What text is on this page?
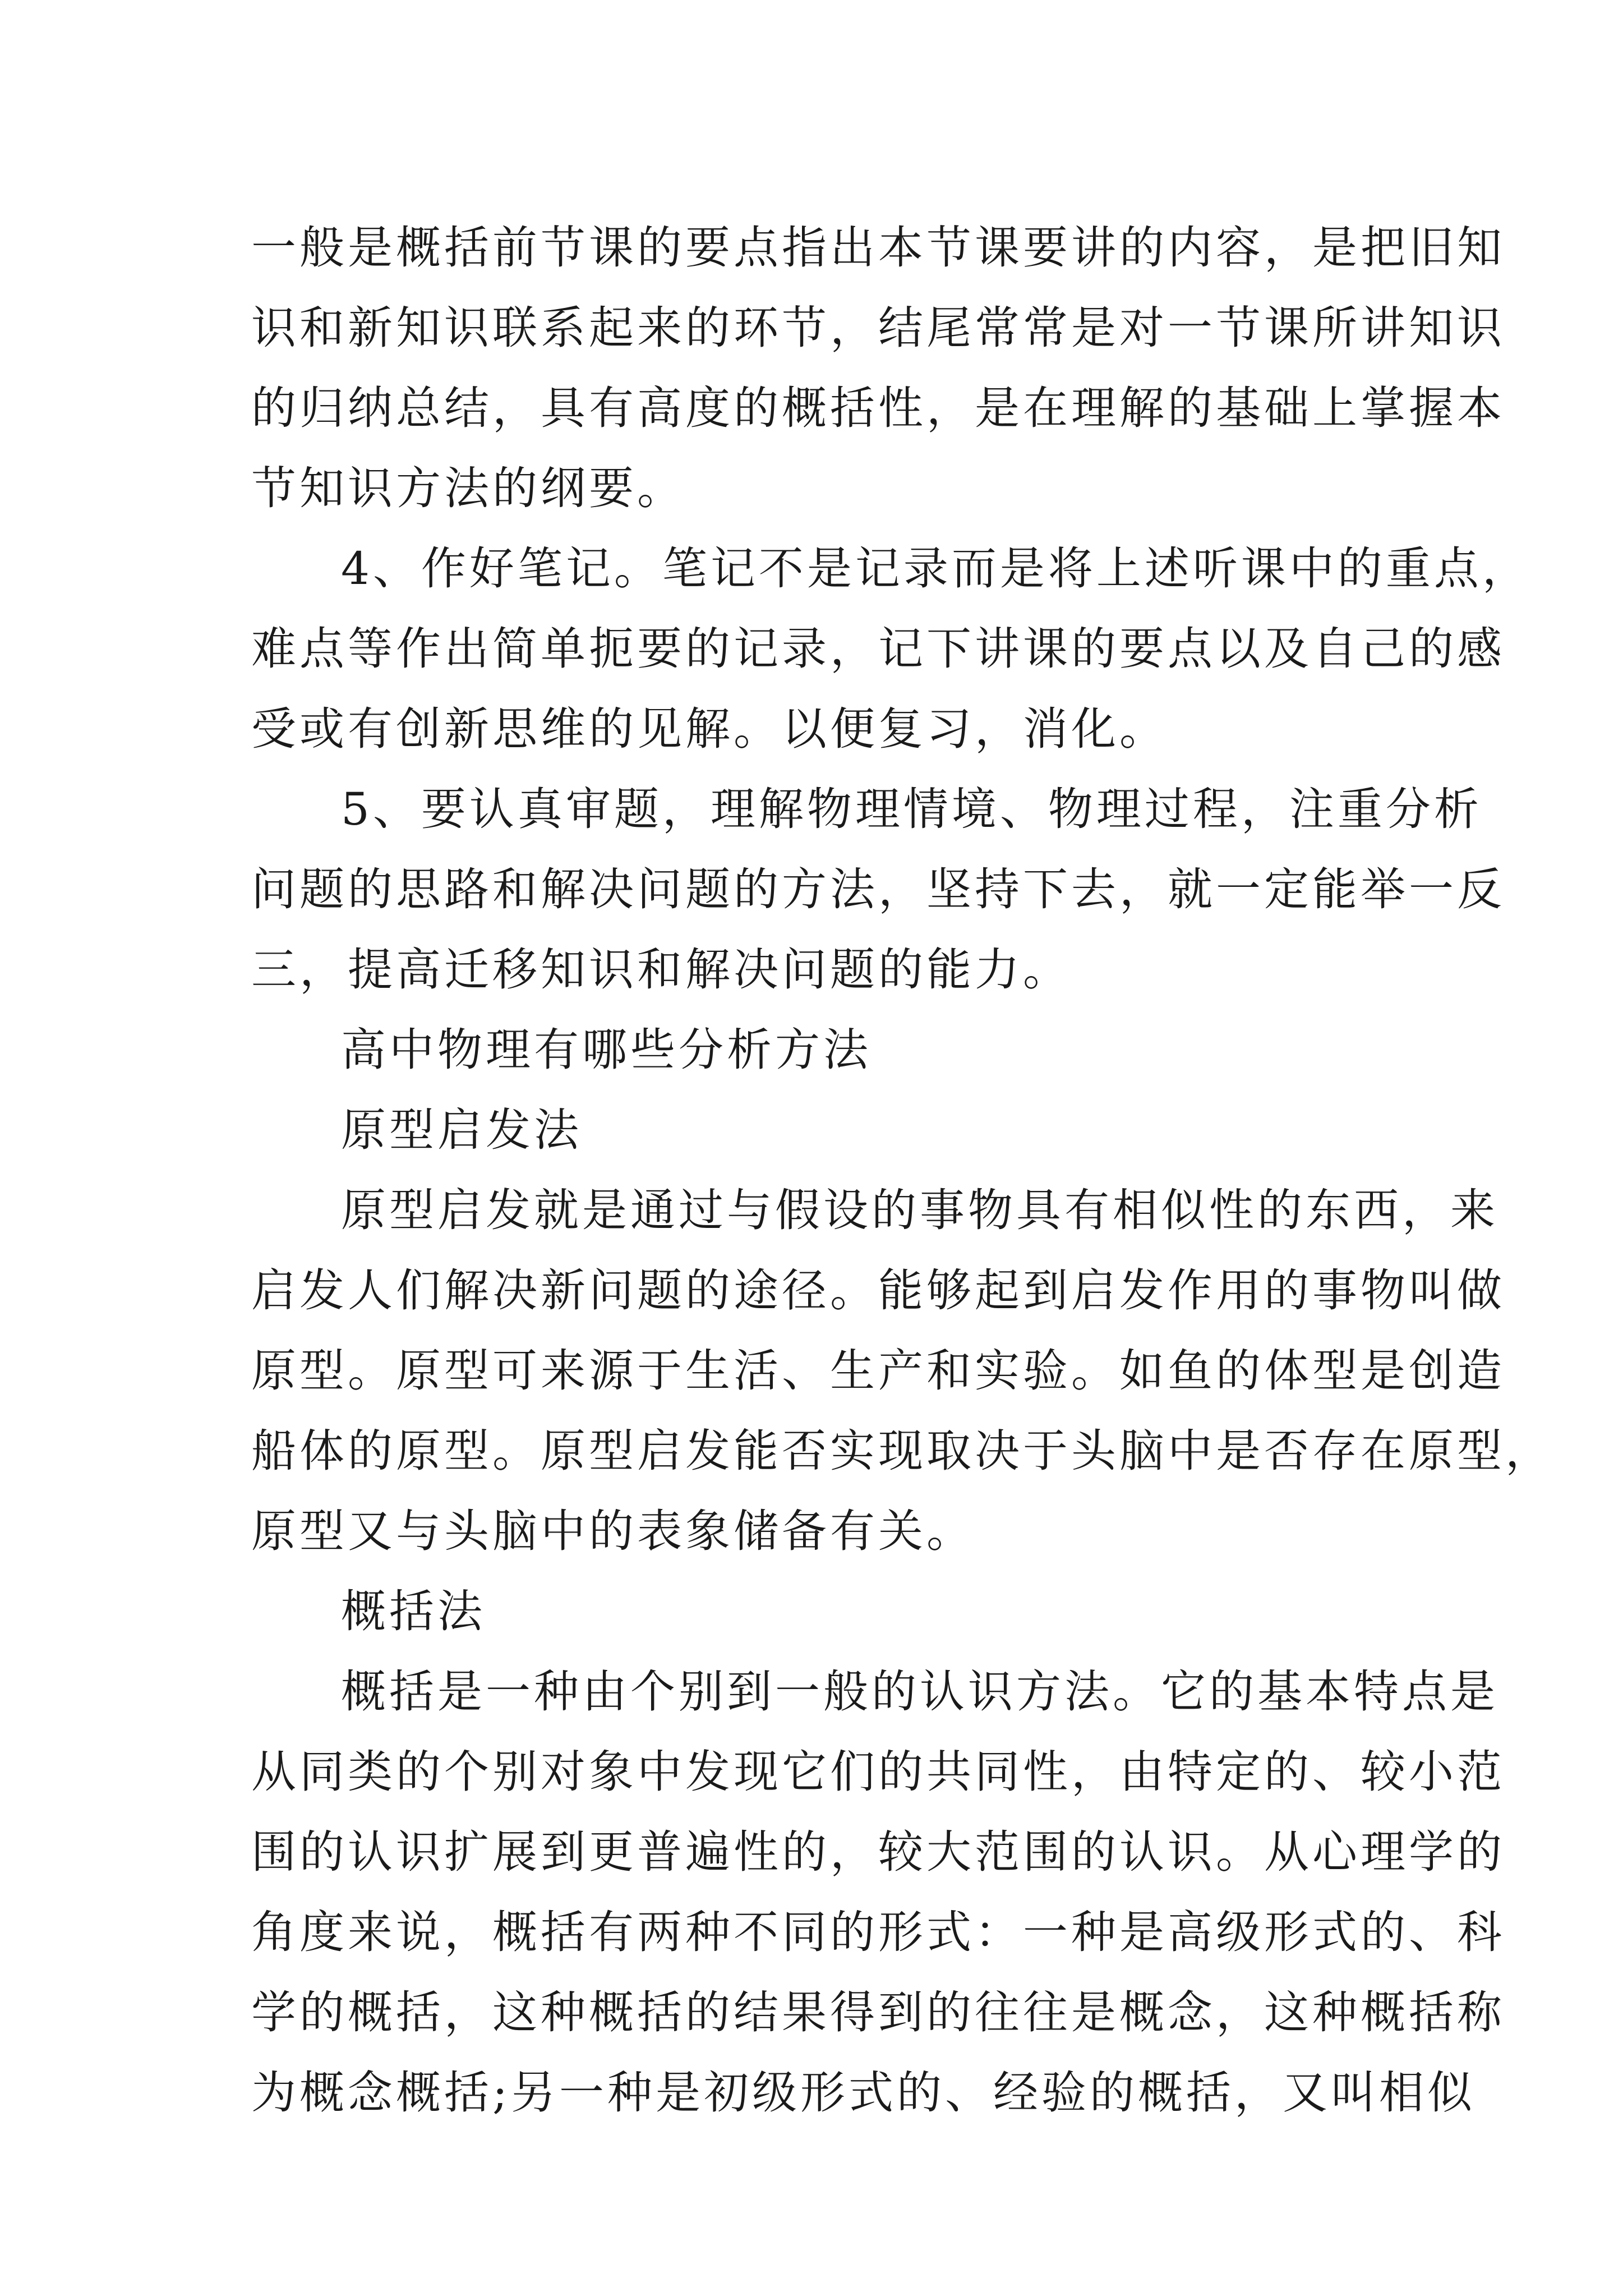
一般是概括前节课的要点指出本节课要讲的内容，是把旧知
识和新知识联系起来的环节，结尾常常是对一节课所讲知识
的归纳总结，具有高度的概括性，是在理解的基础上掌握本
节知识方法的纲要。
4、作好笔记。笔记不是记录而是将上述听课中的重点，
难点等作出简单扼要的记录，记下讲课的要点以及自己的感
受或有创新思维的见解。以便复习，消化。
5、要认真审题，理解物理情境、物理过程，注重分析
问题的思路和解决问题的方法，坚持下去，就一定能举一反
三，提高迁移知识和解决问题的能力。
高中物理有哪些分析方法
原型启发法
原型启发就是通过与假设的事物具有相似性的东西，来
启发人们解决新问题的途径。能够起到启发作用的事物叫做
原型。原型可来源于生活、生产和实验。如鱼的体型是创造
船体的原型。原型启发能否实现取决于头脑中是否存在原型，
原型又与头脑中的表象储备有关。
概括法
概括是一种由个别到一般的认识方法。它的基本特点是
从同类的个别对象中发现它们的共同性，由特定的、较小范
围的认识扩展到更普遍性的，较大范围的认识。从心理学的
角度来说，概括有两种不同的形式：一种是高级形式的、科
学的概括，这种概括的结果得到的往往是概念，这种概括称
为概念概括;另一种是初级形式的、经验的概括，又叫相似
